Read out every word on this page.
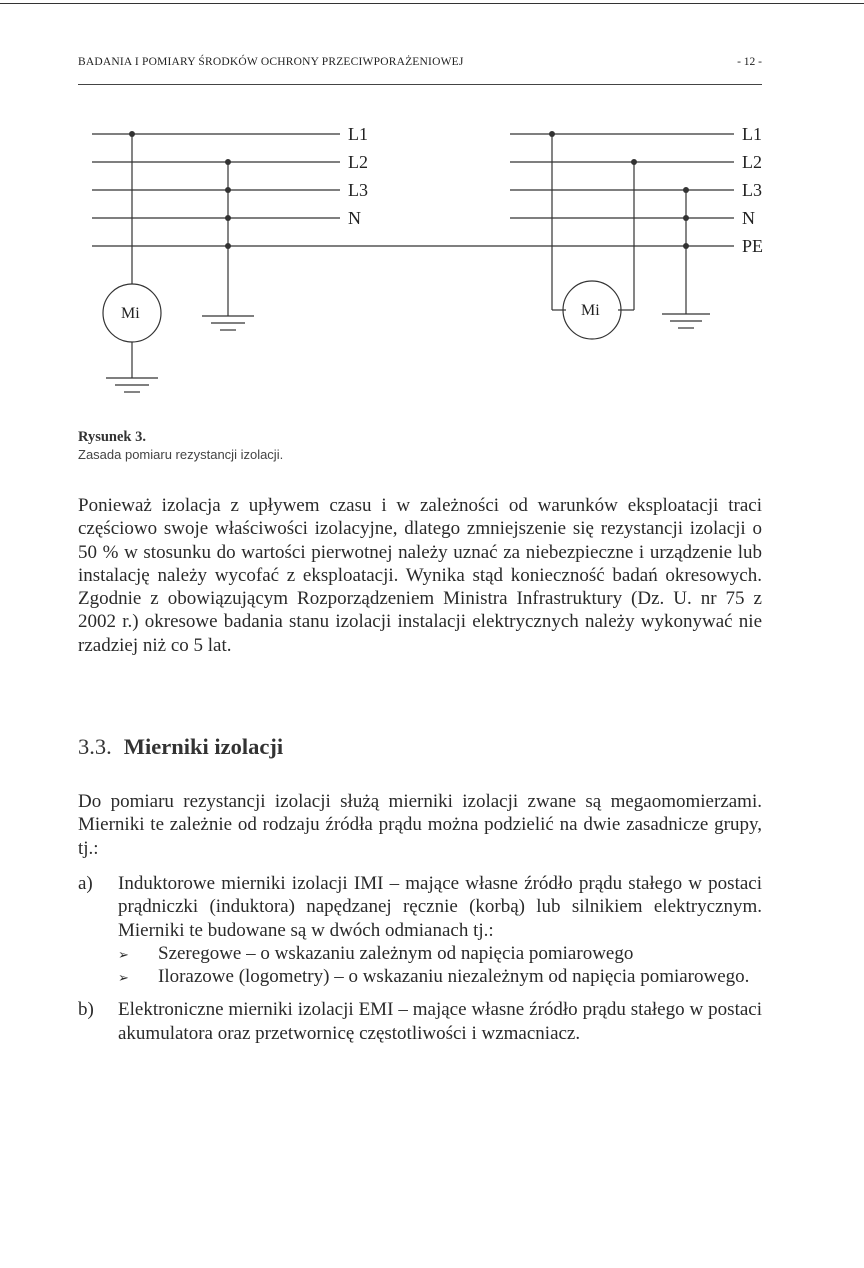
BADANIA I POMIARY ŚRODKÓW OCHRONY PRZECIWPORAŻENIOWEJ	- 12 -
L1
L2
L3
N
Mi
L1
L2
L3
N
PE
Mi
Rysunek 3.
Zasada pomiaru rezystancji izolacji.

Ponieważ izolacja z upływem czasu i w zależności od warunków eksploatacji traci częściowo swoje właściwości izolacyjne, dlatego zmniejszenie się rezystancji izolacji o 50 % w stosunku do wartości pierwotnej należy uznać za niebezpieczne i urządzenie lub instalację należy wycofać z eksploatacji. Wynika stąd konieczność badań okresowych. Zgodnie z obowiązującym Rozporządzeniem Ministra Infrastruktury (Dz. U. nr 75 z 2002 r.) okresowe badania stanu izolacji instalacji elektrycznych należy wykonywać nie rzadziej niż co 5 lat.

3.3. Mierniki izolacji

Do pomiaru rezystancji izolacji służą mierniki izolacji zwane są megaomomierzami. Mierniki te zależnie od rodzaju źródła prądu można podzielić na dwie zasadnicze grupy, tj.:

a) Induktorowe mierniki izolacji IMI – mające własne źródło prądu stałego w postaci prądniczki (induktora) napędzanej ręcznie (korbą) lub silnikiem elektrycznym. Mierniki te budowane są w dwóch odmianach tj.:
➢ Szeregowe – o wskazaniu zależnym od napięcia pomiarowego
➢ Ilorazowe (logometry) – o wskazaniu niezależnym od napięcia pomiarowego.
b) Elektroniczne mierniki izolacji EMI – mające własne źródło prądu stałego w postaci akumulatora oraz przetwornicę częstotliwości i wzmacniacz.
